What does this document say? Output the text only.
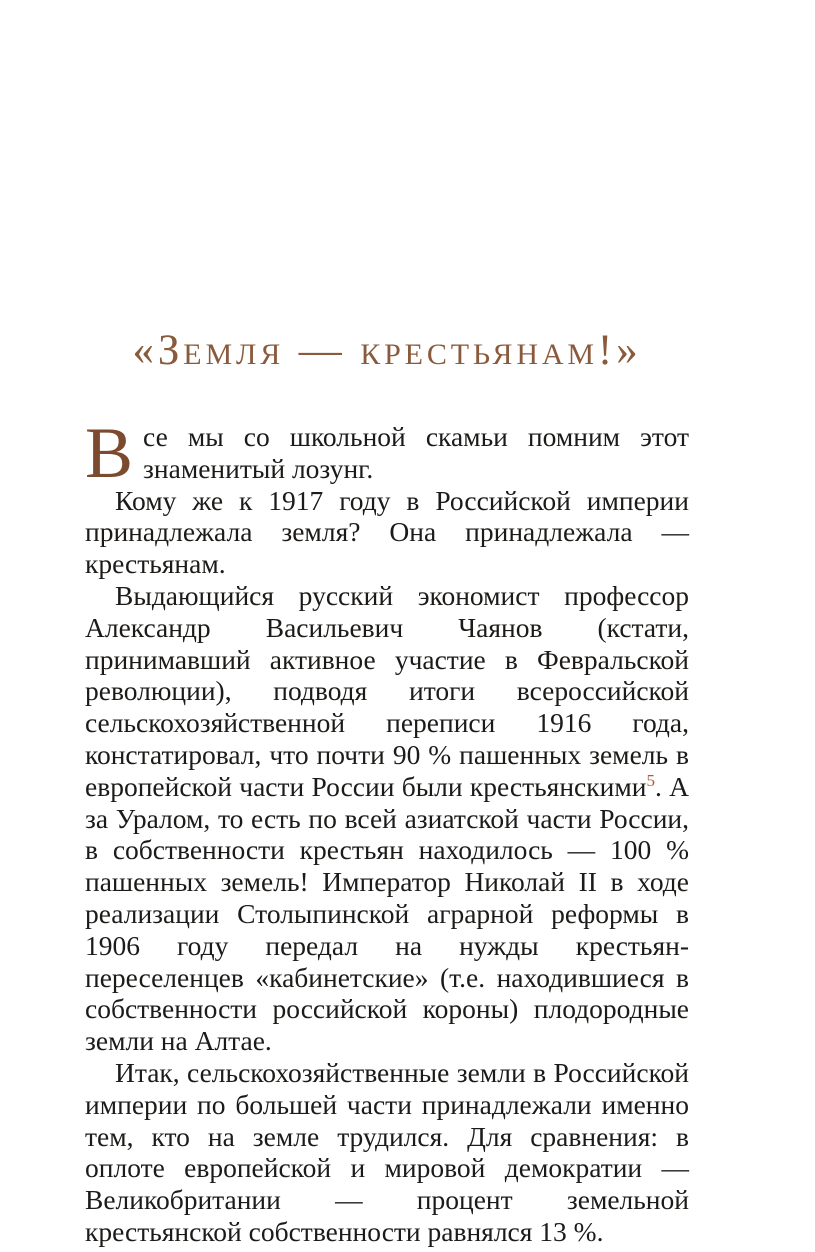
«Земля — крестьянам!»

Все мы со школьной скамьи помним этот знаменитый лозунг.

Кому же к 1917 году в Российской империи принадлежала земля? Она принадлежала — крестьянам.

Выдающийся русский экономист профессор Александр Васильевич Чаянов (кстати, принимавший активное участие в Февральской революции), подводя итоги всероссийской сельскохозяйственной переписи 1916 года, констатировал, что почти 90 % пашенных земель в европейской части России были крестьянскими$^5$. А за Уралом, то есть по всей азиатской части России, в собственности крестьян находилось — 100 % пашенных земель! Император Николай II в ходе реализации Столыпинской аграрной реформы в 1906 году передал на нужды крестьян-переселенцев «кабинетские» (т.е. находившиеся в собственности российской короны) плодородные земли на Алтае.

Итак, сельскохозяйственные земли в Российской империи по большей части принадлежали именно тем, кто на земле трудился. Для сравнения: в оплоте европейской и мировой демократии — Великобритании — процент земельной крестьянской собственности равнялся 13 %.
